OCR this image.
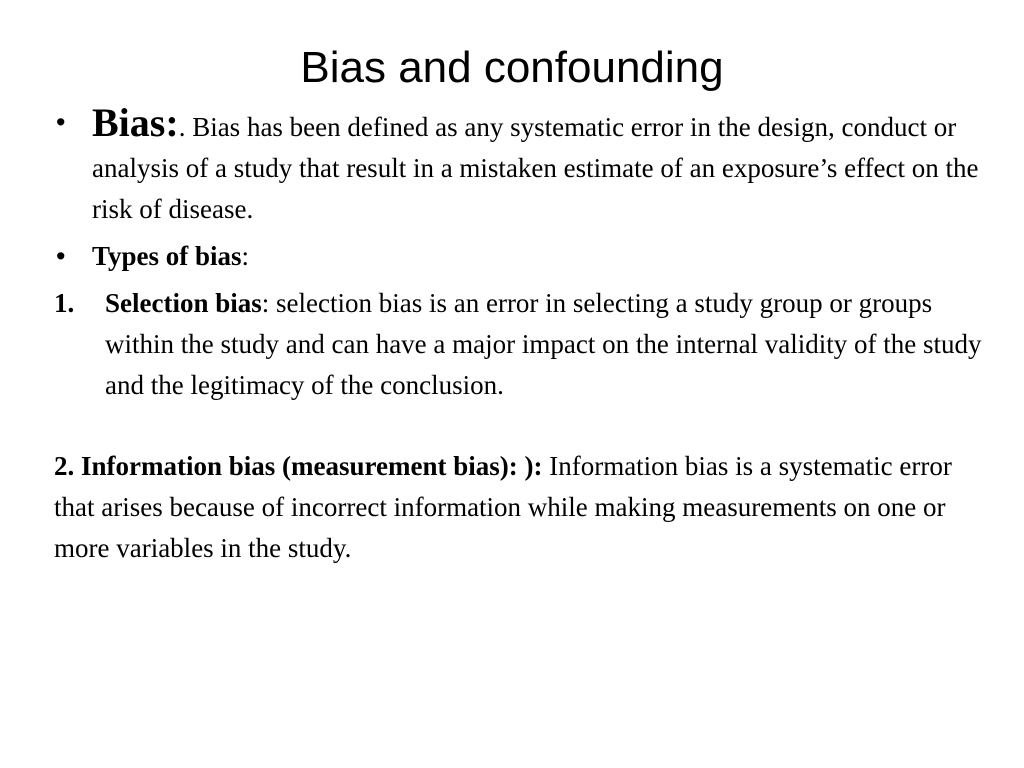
Bias and confounding
• Bias:. Bias has been defined as any systematic error in the design, conduct or analysis of a study that result in a mistaken estimate of an exposure’s effect on the risk of disease.
• Types of bias:
1. Selection bias: selection bias is an error in selecting a study group or groups within the study and can have a major impact on the internal validity of the study and the legitimacy of the conclusion.
2. Information bias (measurement bias): ): Information bias is a systematic error that arises because of incorrect information while making measurements on one or more variables in the study.
